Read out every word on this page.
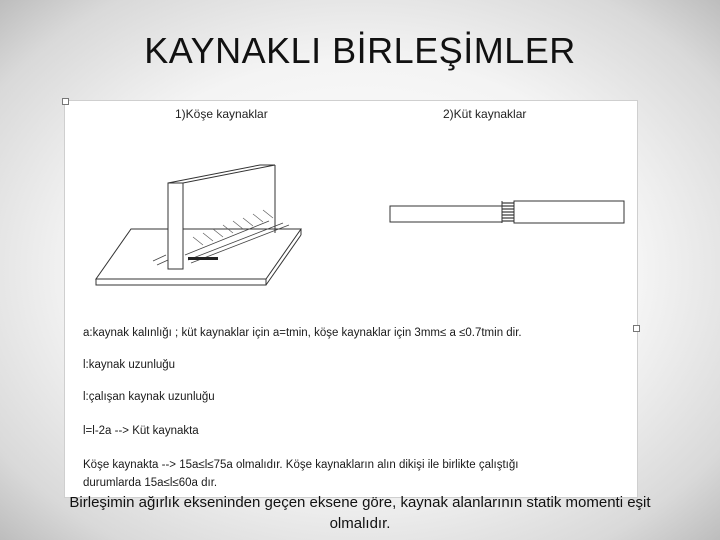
KAYNAKLI BİRLEŞİMLER
1)Köşe kaynaklar	2)Küt kaynaklar
a:kaynak kalınlığı ; küt kaynaklar için a=tmin, köşe kaynaklar için 3mm≤ a ≤0.7tmin dir.
l:kaynak uzunluğu
l:çalışan kaynak uzunluğu
l=l-2a --> Küt kaynakta
Köşe kaynakta --> 15a≤l≤75a olmalıdır. Köşe kaynakların alın dikişi ile birlikte çalıştığı
durumlarda 15a≤l≤60a dır.
Birleşimin ağırlık ekseninden geçen eksene göre, kaynak alanlarının statik momenti eşit olmalıdır.
